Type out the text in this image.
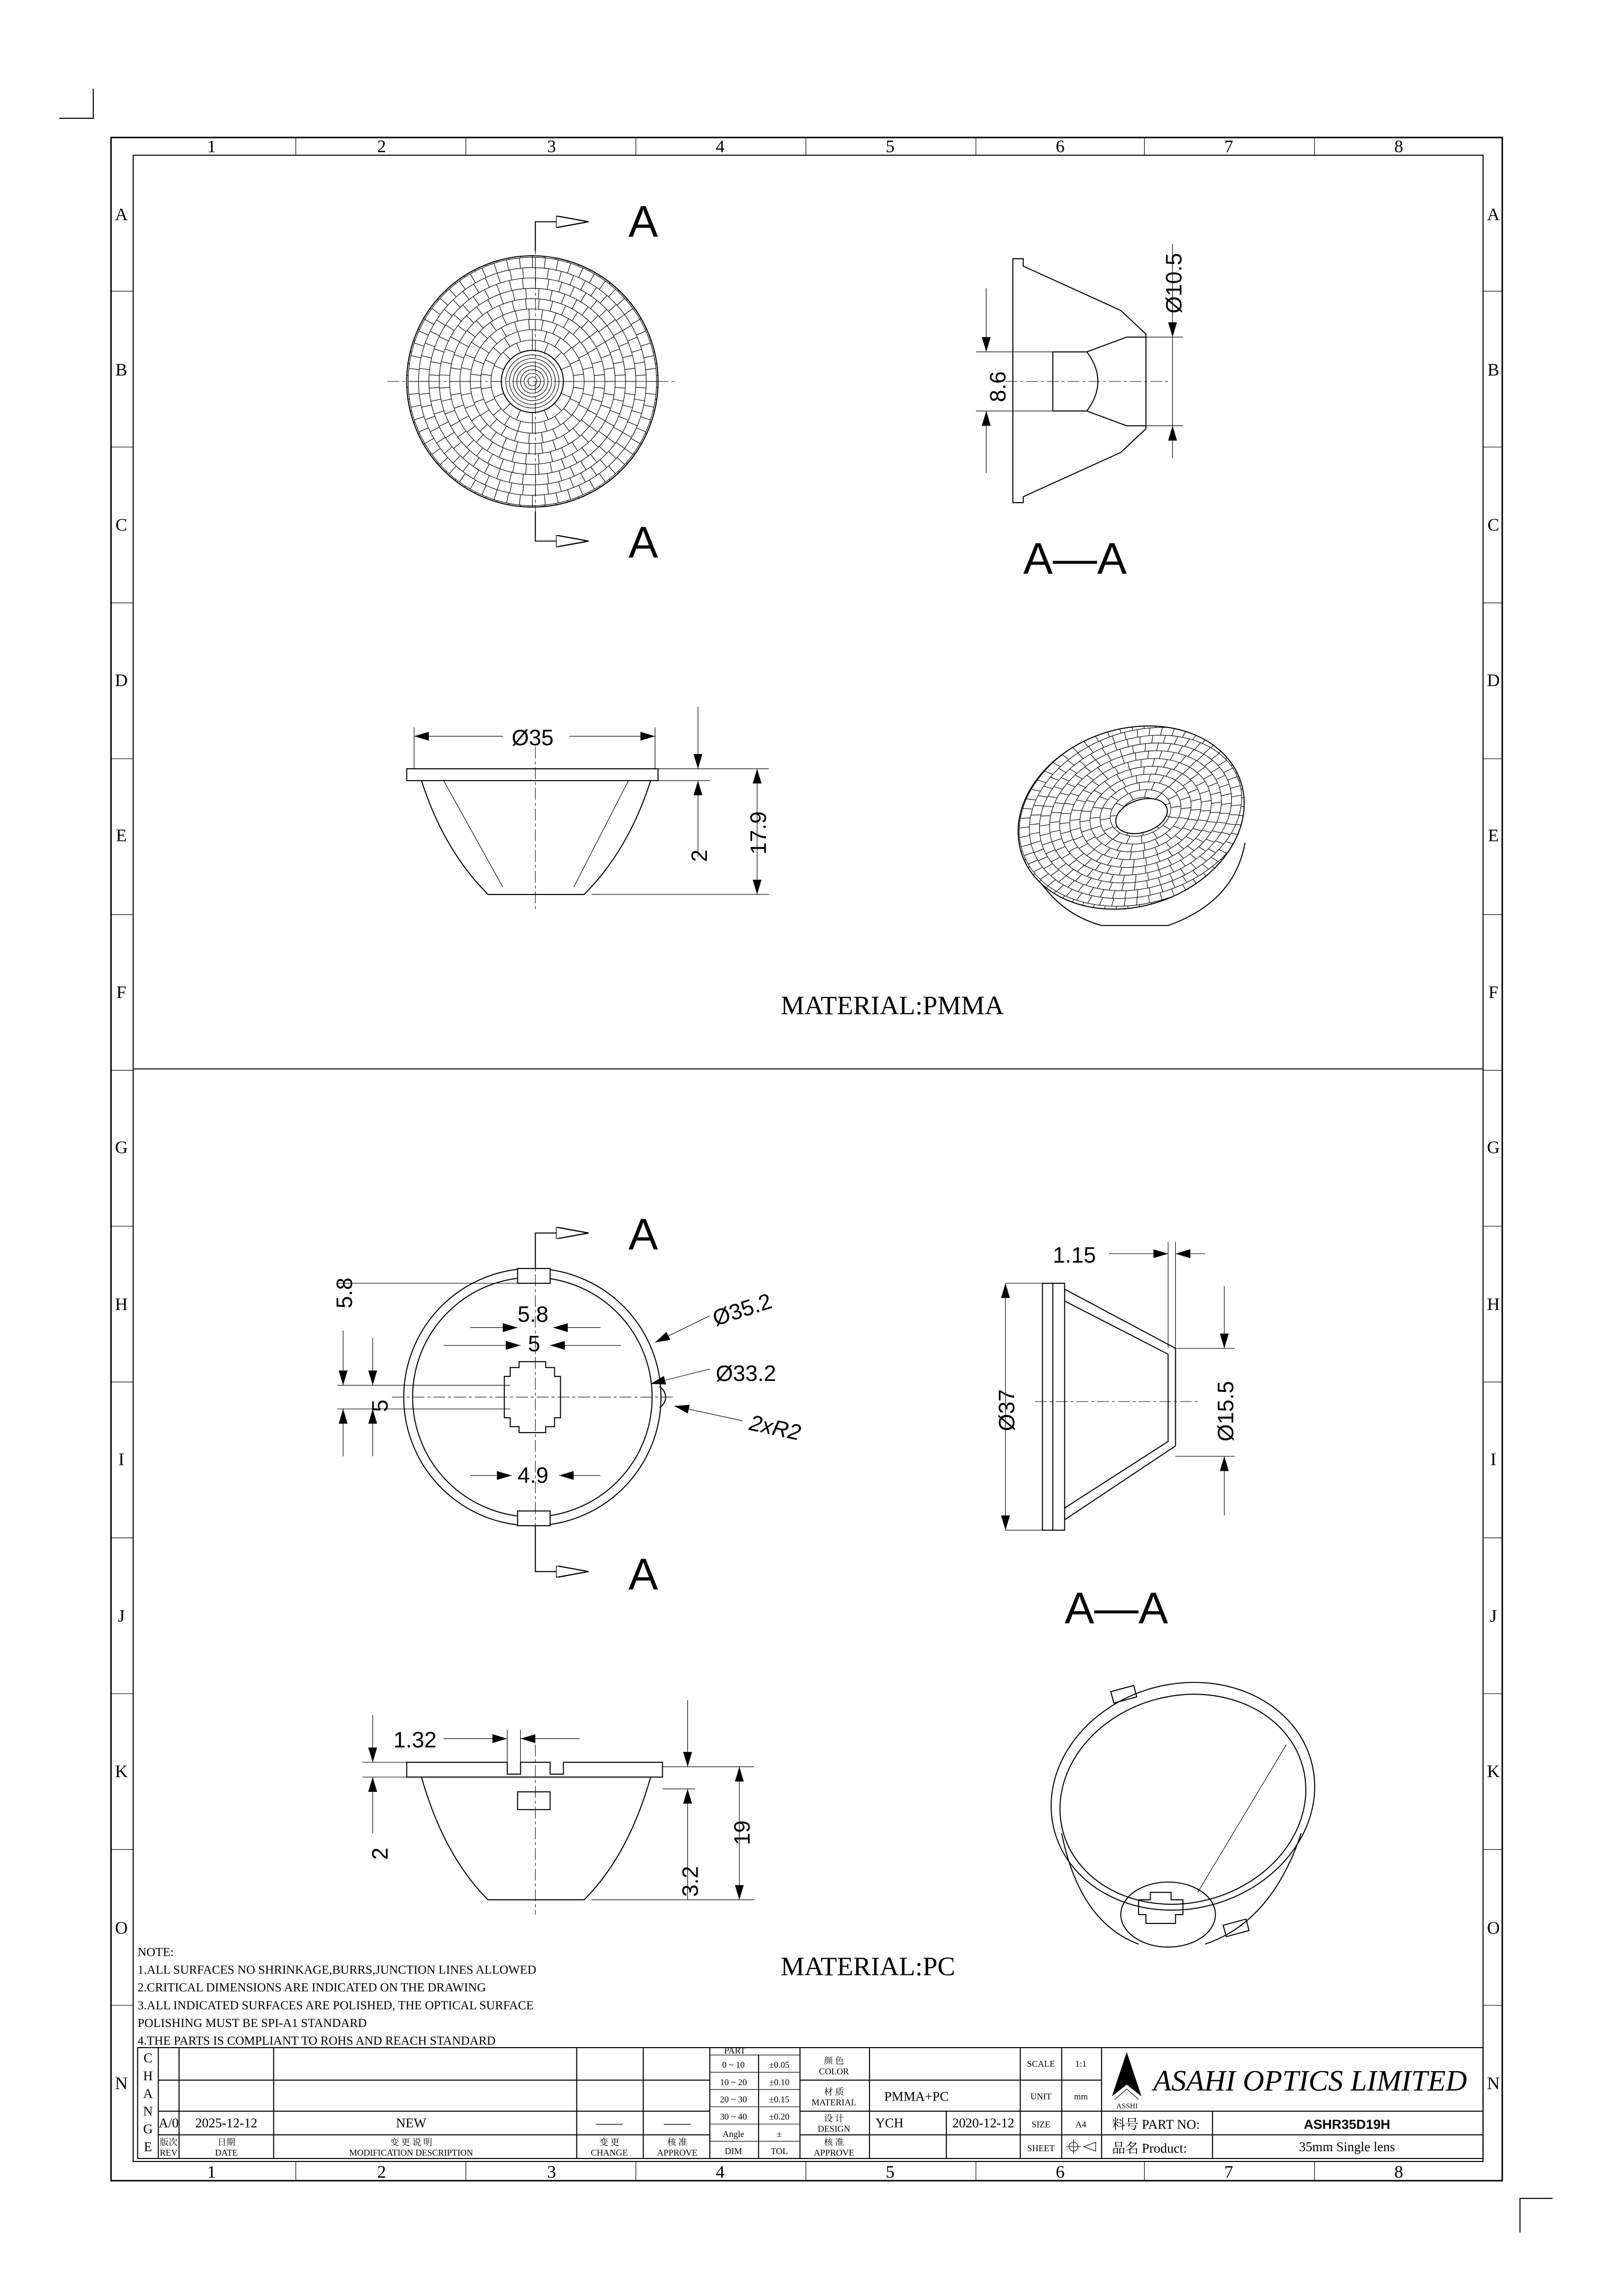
1
1
2
2
3
3
4
4
5
5
6
6
7
7
8
8
A	A
B	B
C	C
D	D
E	E
F	F
G	G
H	H
I	I
J	J
K	K
O	O
N	N
A
A
Ø10.5
8.6
A—A
Ø35
2
17.9
MATERIAL:PMMA
5.8
5
5.8
5
4.9
Ø35.2
Ø33.2
2xR2
A
A
Ø37	Ø15.5
1.15
A—A
1.32
2
3.2
19
MATERIAL:PC
NOTE:
1.ALL SURFACES NO SHRINKAGE,BURRS,JUNCTION LINES ALLOWED
2.CRITICAL DIMENSIONS ARE INDICATED ON THE DRAWING
3.ALL INDICATED SURFACES ARE POLISHED, THE OPTICAL SURFACE
POLISHING MUST BE SPI-A1 STANDARD
4.THE PARTS IS COMPLIANT TO ROHS AND REACH STANDARD
C
H
A
N
G
E
A/0	2025-12-12	NEW	——	——
版次
REV
日期
DATE
变 更 说 明
MODIFICATION DESCRIPTION
变 更
CHANGE
核 准
APPROVE
0 ~ 10	±0.05
10 ~ 20	±0.10
20 ~ 30	±0.15
30 ~ 40	±0.20
Angle	±
DIM	TOL
PART
颜 色
COLOR
材 质
MATERIAL	PMMA+PC
设 计
DESIGN	YCH	2020-12-12
核 准
APPROVE
SCALE	1:1
UNIT	mm
SIZE	A4
SHEET
ASSHI
ASAHI OPTICS LIMITED
料号 PART NO:	ASHR35D19H
品名 Product:	35mm Single lens
